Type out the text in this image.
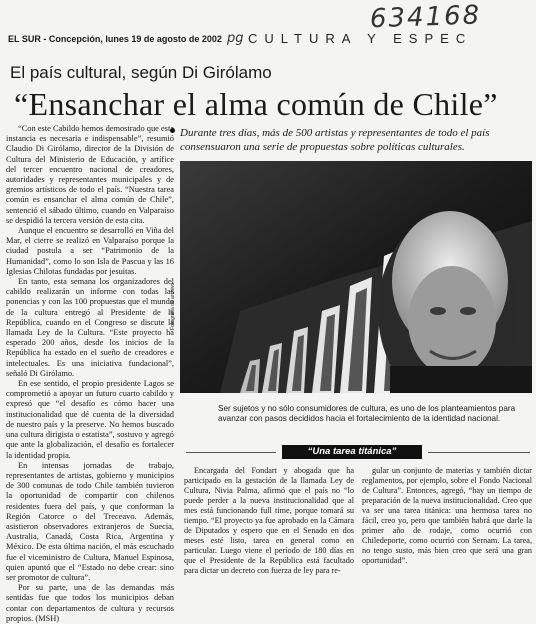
634168
EL SUR - Concepción, lunes 19 de agosto de 2002	CULTURA Y ESPEC
pg
El país cultural, según Di Girólamo
“Ensanchar el alma común de Chile”
Durante tres días, más de 500 artistas y representantes de todo el país consensuaron una serie de propuestas sobre políticas culturales.

“Con este Cabildo hemos demostrado que esta instancia es necesaria e indispensable”, resumió Claudio Di Girólamo, director de la División de Cultura del Ministerio de Educación, y artífice del tercer encuentro nacional de creadores, autoridades y representantes municipales y de gremios artísticos de todo el país. “Nuestra tarea común es ensanchar el alma común de Chile”, sentenció el sábado último, cuando en Valparaíso se despidió la tercera versión de esta cita.

Aunque el encuentro se desarrolló en Viña del Mar, el cierre se realizó en Valparaíso porque la ciudad postula a ser “Patrimonio de la Humanidad”, como lo son Isla de Pascua y las 16 Iglesias Chilotas fundadas por jesuitas.

En tanto, esta semana los organizadores del cabildo realizarán un informe con todas las ponencias y con las 100 propuestas que el mundo de la cultura entregó al Presidente de la República, cuando en el Congreso se discute la llamada Ley de la Cultura. “Este proyecto ha esperado 200 años, desde los inicios de la República ha estado en el sueño de creadores e intelectuales. Es una iniciativa fundacional”, señaló Di Girólamo.

En ese sentido, el propio presidente Lagos se comprometió a apoyar un futuro cuarto cabildo y expresó que “el desafío es cómo hacer una institucionalidad que dé cuenta de la diversidad de nuestro país y la preserve. No hemos buscado una cultura dirigista o estatista”, sostuvo y agregó que ante la globalización, el desafío es fortalecer la identidad propia.

En intensas jornadas de trabajo, representantes de artistas, gobierno y municipios de 300 comunas de todo Chile también tuvieron la oportunidad de compartir con chilenos residentes fuera del país, y que conforman la Región Catorce o del Treceavo. Además, asistieron observadores extranjeros de Suecia, Australia, Canadá, Costa Rica, Argentina y México. De esta última nación, el más escuchado fue el viceministro de Cultura, Manuel Espinosa, quien apuntó que el “Estado no debe crear: sino ser promotor de cultura”.

Por su parte, una de las demandas más sentidas fue que todos los municipios deban contar con departamentos de cultura y recursos propios. (MSH)

Fotografía de archivo
Ser sujetos y no sólo consumidores de cultura, es uno de los planteamientos para avanzar con pasos decididos hacia el fortalecimiento de la identidad nacional.
“Una tarea titánica”

Encargada del Fondart y abogada que ha participado en la gestación de la llamada Ley de Cultura, Nivia Palma, afirmó que el país no “lo puede perder a la nueva institucionalidad que al mes está funcionando full time, porque tomará su tiempo. “El proyecto ya fue aprobado en la Cámara de Diputados y espero que en el Senado en dos meses esté listo, tarea en general como en particular. Luego viene el período de 180 días en que el Presidente de la República está facultado para dictar un decreto con fuerza de ley para re-

gular un conjunto de materias y también dictar reglamentos, por ejemplo, sobre el Fondo Nacional de Cultura”. Entonces, agregó, “hay un tiempo de preparación de la nueva institucionalidad. Creo que va ser una tarea titánica: una hermosa tarea no fácil, creo yo, pero que también habrá que darle la primer año de rodaje, como ocurrió con Chiledeporte, como ocurrió con Sernam. La tarea, no tengo susto, más bien creo que será una gran oportunidad”.
